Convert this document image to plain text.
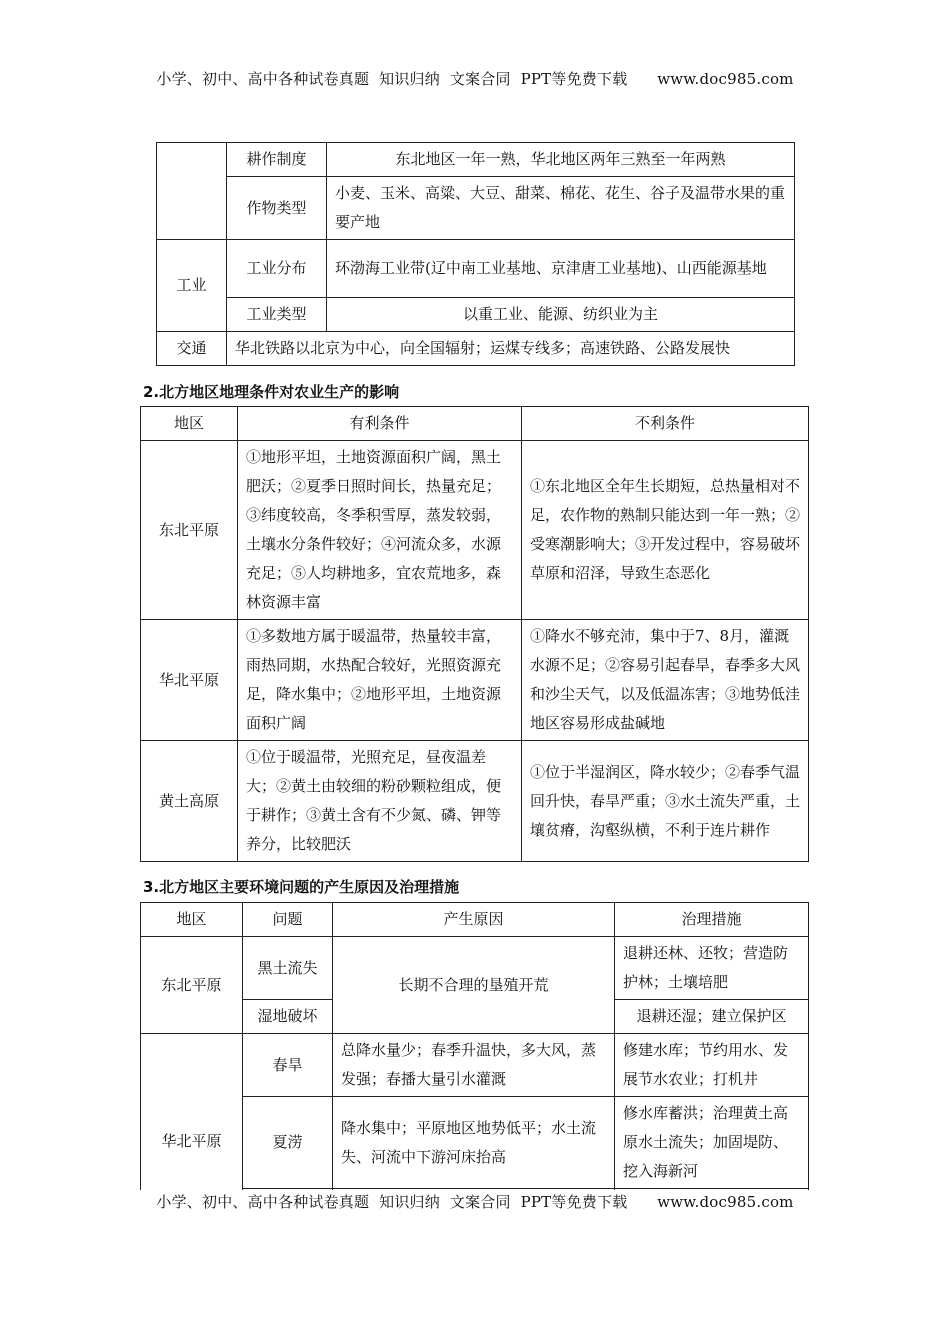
小学、初中、高中各种试卷真题  知识归纳  文案合同  PPT等免费下载      www.doc985.com
	耕作制度	东北地区一年一熟，华北地区两年三熟至一年两熟
	作物类型	小麦、玉米、高粱、大豆、甜菜、棉花、花生、谷子及温带水果的重要产地
工业	工业分布	环渤海工业带(辽中南工业基地、京津唐工业基地)、山西能源基地
	工业类型	以重工业、能源、纺织业为主
交通	华北铁路以北京为中心，向全国辐射；运煤专线多；高速铁路、公路发展快	
2.北方地区地理条件对农业生产的影响
地区	有利条件	不利条件
东北平原	①地形平坦，土地资源面积广阔，黑土肥沃；②夏季日照时间长，热量充足；③纬度较高，冬季积雪厚，蒸发较弱，土壤水分条件较好；④河流众多，水源充足；⑤人均耕地多，宜农荒地多，森林资源丰富	①东北地区全年生长期短，总热量相对不足，农作物的熟制只能达到一年一熟；②受寒潮影响大；③开发过程中，容易破坏草原和沼泽，导致生态恶化
华北平原	①多数地方属于暖温带，热量较丰富，雨热同期，水热配合较好，光照资源充足，降水集中；②地形平坦，土地资源面积广阔	①降水不够充沛，集中于7、8月，灌溉水源不足；②容易引起春旱，春季多大风和沙尘天气，以及低温冻害；③地势低洼地区容易形成盐碱地
黄土高原	①位于暖温带，光照充足，昼夜温差大；②黄土由较细的粉砂颗粒组成，便于耕作；③黄土含有不少氮、磷、钾等养分，比较肥沃	①位于半湿润区，降水较少；②春季气温回升快，春旱严重；③水土流失严重，土壤贫瘠，沟壑纵横，不利于连片耕作
3.北方地区主要环境问题的产生原因及治理措施
地区	问题	产生原因	治理措施
东北平原	黑土流失	长期不合理的垦殖开荒	退耕还林、还牧；营造防护林；土壤培肥
	湿地破坏		退耕还湿；建立保护区
华北平原	春旱	总降水量少；春季升温快，多大风，蒸发强；春播大量引水灌溉	修建水库；节约用水、发展节水农业；打机井
	夏涝	降水集中；平原地区地势低平；水土流失、河流中下游河床抬高	修水库蓄洪；治理黄土高原水土流失；加固堤防、挖入海新河

小学、初中、高中各种试卷真题  知识归纳  文案合同  PPT等免费下载      www.doc985.com
